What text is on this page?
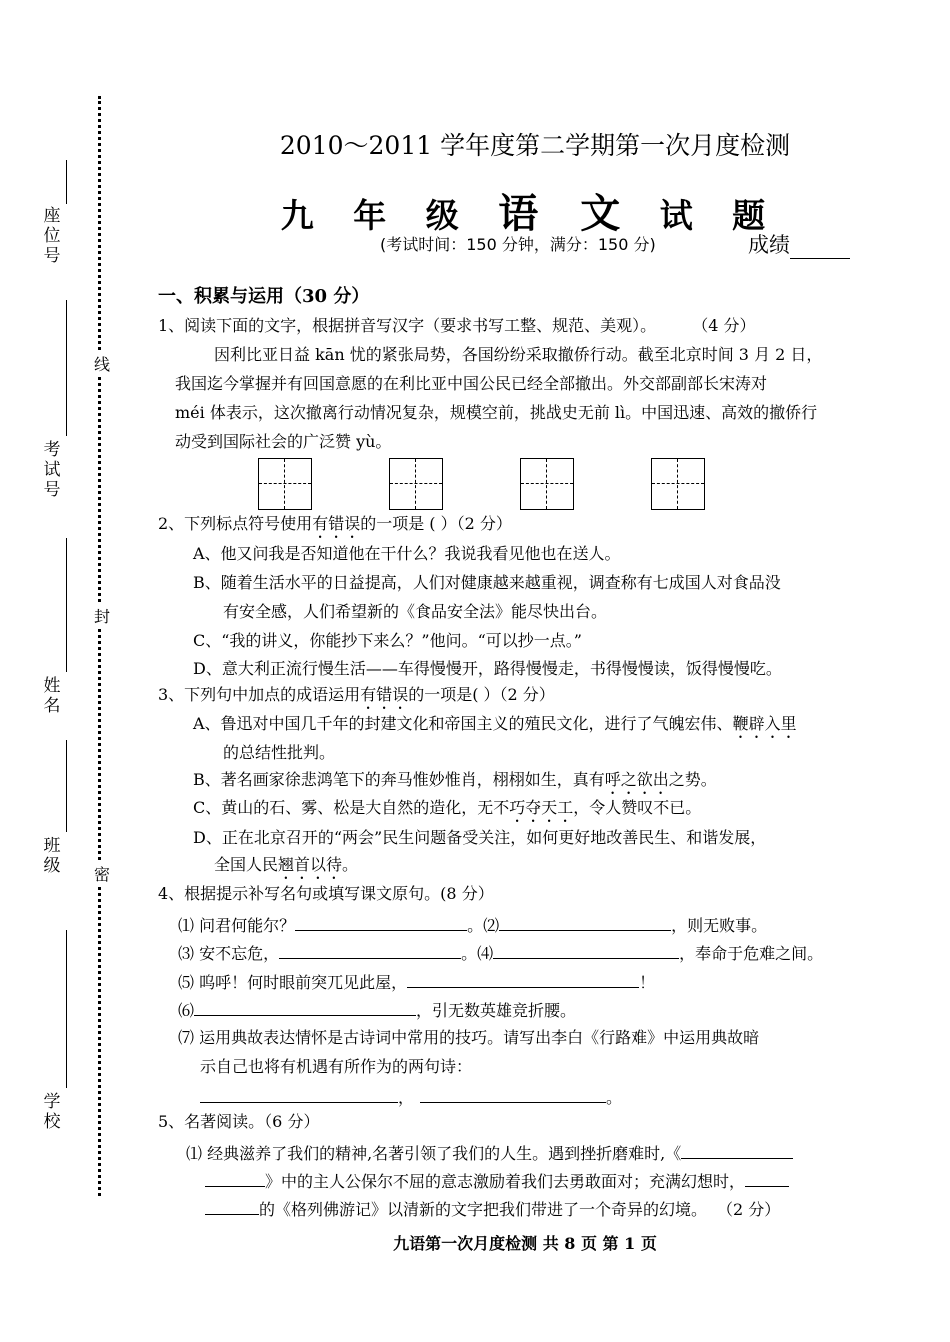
线
封
密
座位号
考试号
姓名
班级
学校
2010～2011 学年度第二学期第一次月度检测
九 年 级 语 文 试 题
(考试时间：150 分钟，满分：150 分)	成绩
一、积累与运用（30 分）
1、阅读下面的文字，根据拼音写汉字（要求书写工整、规范、美观）。	（4 分）
因利比亚日益 kān 忧的紧张局势，各国纷纷采取撤侨行动。截至北京时间 3 月 2 日，
我国迄今掌握并有回国意愿的在利比亚中国公民已经全部撤出。外交部副部长宋涛对
méi 体表示，这次撤离行动情况复杂，规模空前，挑战史无前 lì。中国迅速、高效的撤侨行
动受到国际社会的广泛赞 yù。
2、下列标点符号使用有错误的一项是 ( ）（2 分）
A、他又问我是否知道他在干什么？我说我看见他也在送人。
B、随着生活水平的日益提高，人们对健康越来越重视，调查称有七成国人对食品没
有安全感，人们希望新的《食品安全法》能尽快出台。
C、“我的讲义，你能抄下来么？”他问。“可以抄一点。”
D、意大利正流行慢生活——车得慢慢开，路得慢慢走，书得慢慢读，饭得慢慢吃。
3、下列句中加点的成语运用有错误的一项是( ）（2 分）
A、鲁迅对中国几千年的封建文化和帝国主义的殖民文化，进行了气魄宏伟、鞭辟入里
的总结性批判。
B、著名画家徐悲鸿笔下的奔马惟妙惟肖，栩栩如生，真有呼之欲出之势。
C、黄山的石、雾、松是大自然的造化，无不巧夺天工，令人赞叹不已。
D、正在北京召开的“两会”民生问题备受关注，如何更好地改善民生、和谐发展，
全国人民翘首以待。
4、根据提示补写名句或填写课文原句。(8 分）
⑴ 问君何能尔？	。⑵	，则无败事。
⑶ 安不忘危，	。⑷	，奉命于危难之间。
⑸ 呜呼！何时眼前突兀见此屋，	！
⑹	，引无数英雄竞折腰。
⑺ 运用典故表达情怀是古诗词中常用的技巧。请写出李白《行路难》中运用典故暗
示自己也将有机遇有所作为的两句诗：
，	。
5、名著阅读。（6 分）
⑴ 经典滋养了我们的精神,名著引领了我们的人生。遇到挫折磨难时,《
》中的主人公保尔不屈的意志激励着我们去勇敢面对；充满幻想时，
的《格列佛游记》以清新的文字把我们带进了一个奇异的幻境。 （2 分）
九语第一次月度检测 共 8 页 第 1 页
